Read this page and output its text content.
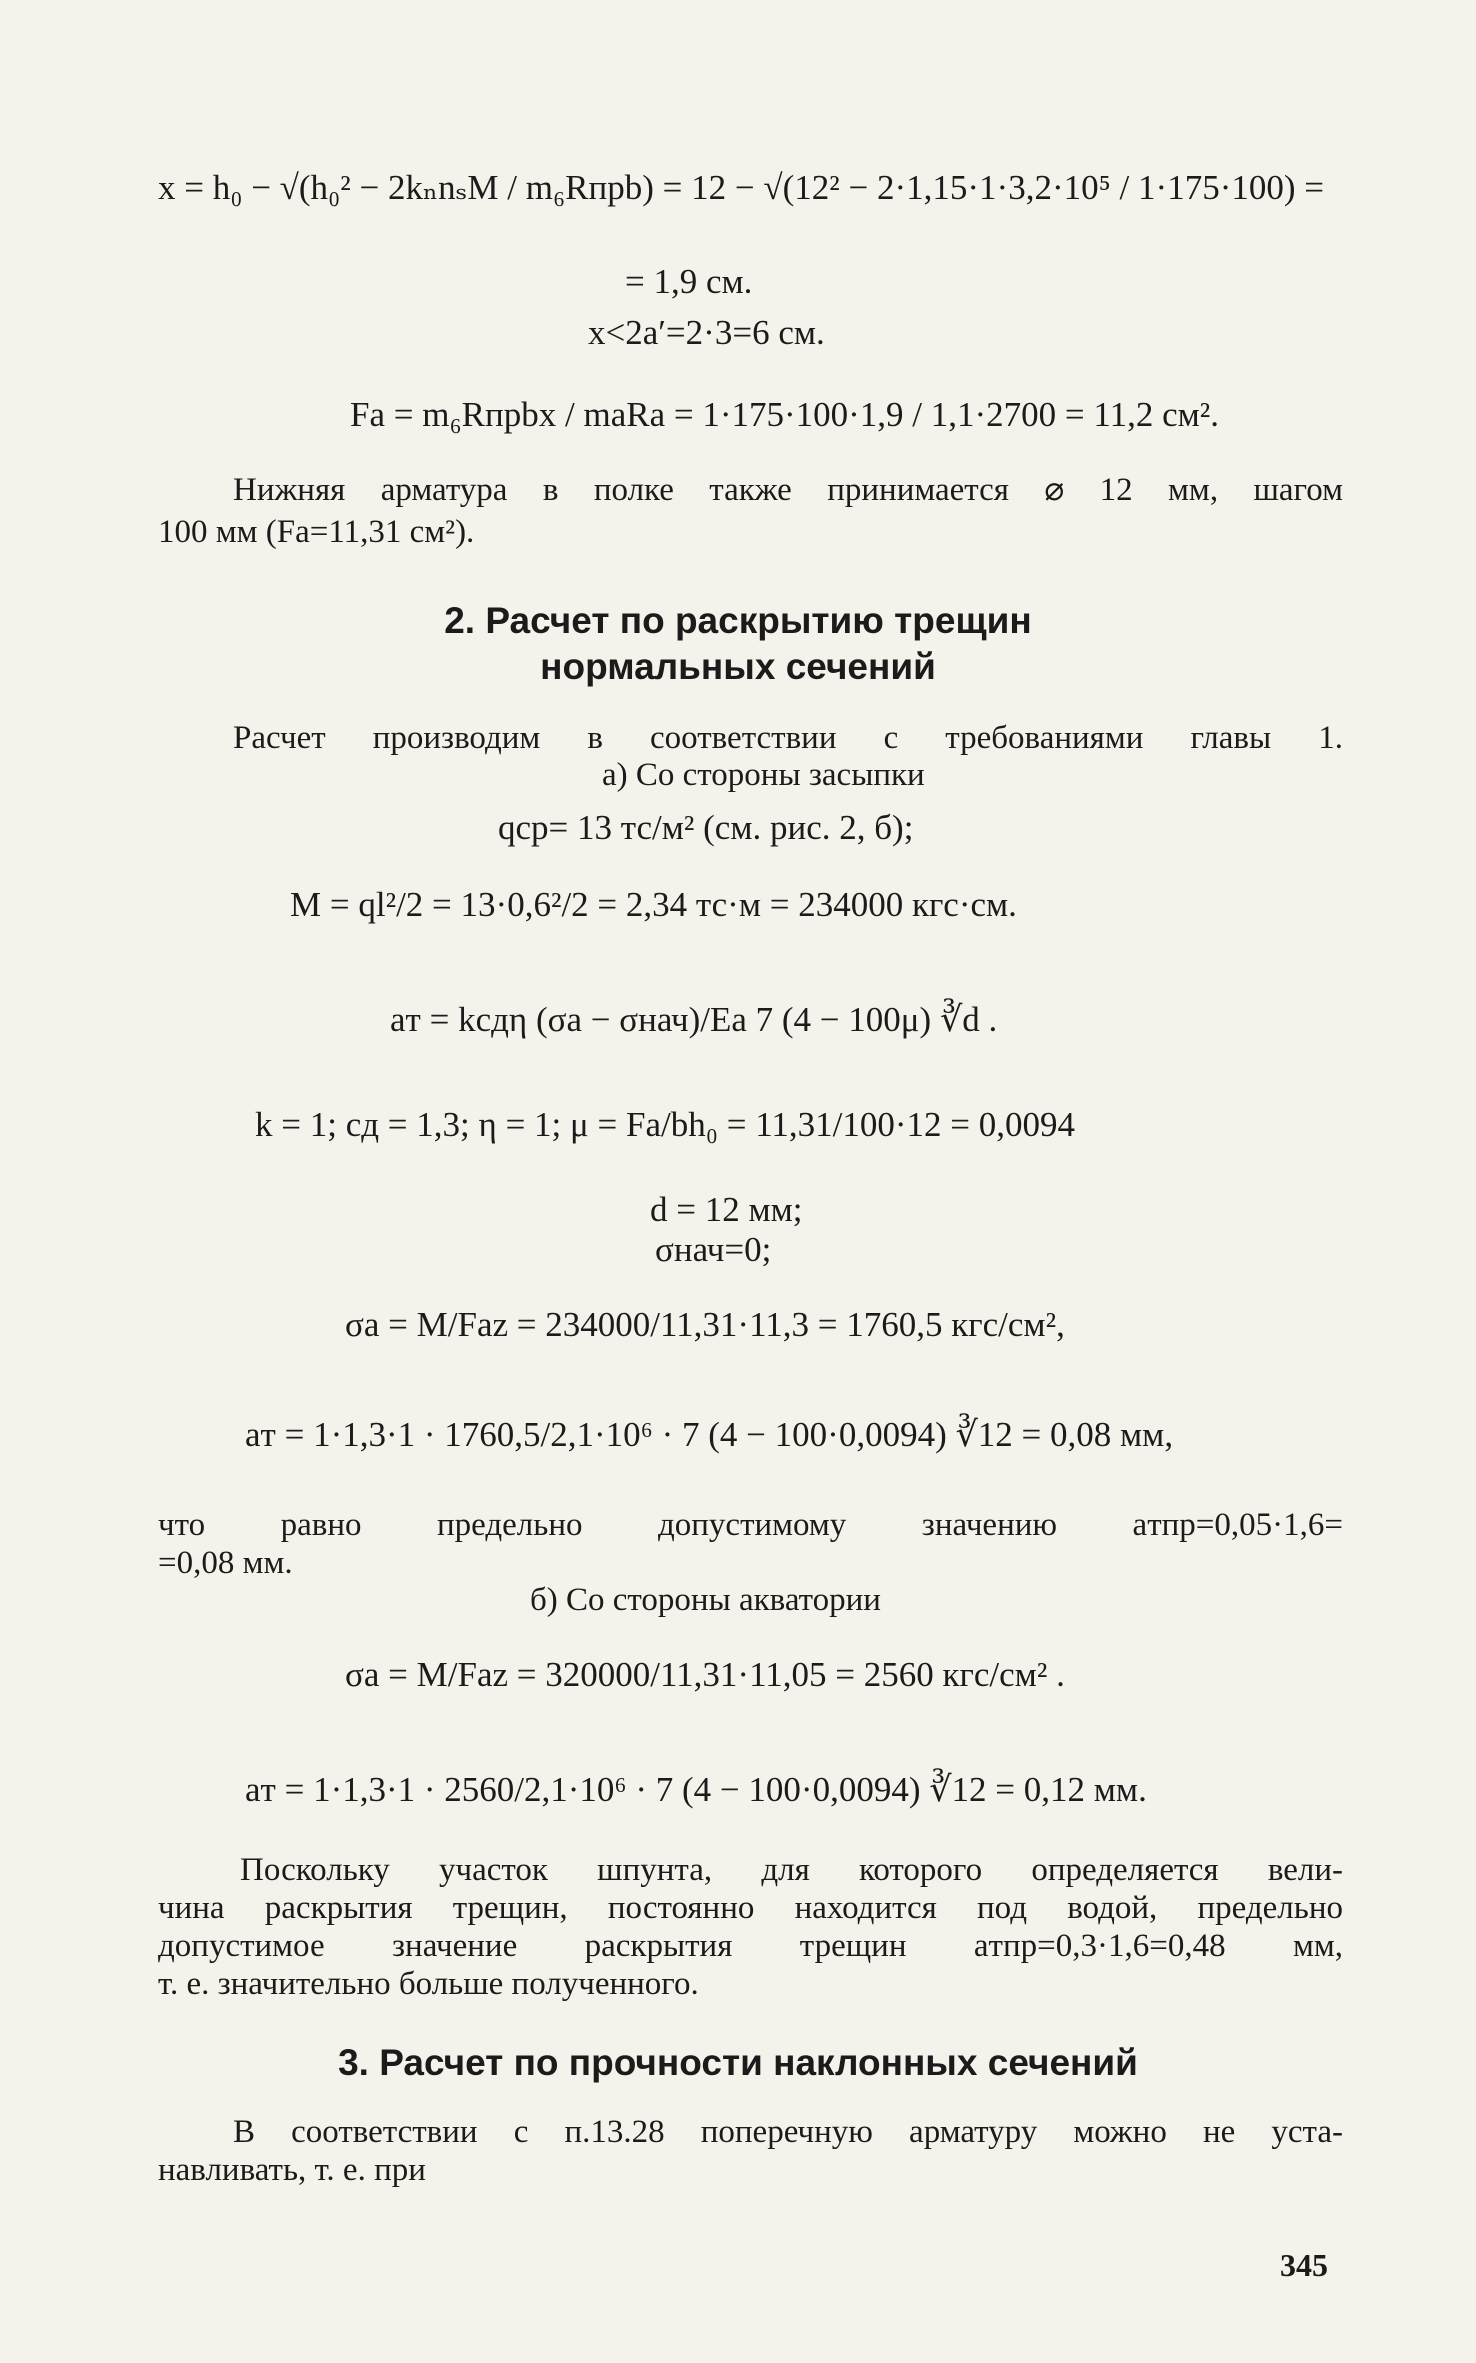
x = h₀ − √(h₀² − 2kₙnₛM / m₆Rпрb) = 12 − √(12² − 2·1,15·1·3,2·10⁵ / 1·175·100) =
= 1,9 см.
x<2a′=2·3=6 см.
Fа = m₆Rпрbx / mаRа = 1·175·100·1,9 / 1,1·2700 = 11,2 см².
Нижняя арматура в полке также принимается ⌀ 12 мм, шагом
100 мм (Fа=11,31 см²).
2. Расчет по раскрытию трещин
нормальных сечений
Расчет производим в соответствии с требованиями главы 1.
а) Со стороны засыпки
qср= 13 тс/м² (см. рис. 2, б);
M = ql²/2 = 13·0,6²/2 = 2,34 тс·м = 234000 кгс·см.
aт = kcдη (σа − σнач)/Eа 7 (4 − 100μ) ∛d .
k = 1; cд = 1,3; η = 1; μ = Fа/bh₀ = 11,31/100·12 = 0,0094
d = 12 мм;
σнач=0;
σа = M/Fаz = 234000/11,31·11,3 = 1760,5 кгс/см²,
aт = 1·1,3·1 · 1760,5/2,1·10⁶ · 7 (4 − 100·0,0094) ∛12 = 0,08 мм,
что равно предельно допустимому значению aтпр=0,05·1,6=
=0,08 мм.
б) Со стороны акватории
σа = M/Fаz = 320000/11,31·11,05 = 2560 кгс/см² .
aт = 1·1,3·1 · 2560/2,1·10⁶ · 7 (4 − 100·0,0094) ∛12 = 0,12 мм.
Поскольку участок шпунта, для которого определяется вели-
чина раскрытия трещин, постоянно находится под водой, предельно
допустимое значение раскрытия трещин aтпр=0,3·1,6=0,48 мм,
т. е. значительно больше полученного.
3. Расчет по прочности наклонных сечений
В соответствии с п.13.28 поперечную арматуру можно не уста-
навливать, т. е. при
345
